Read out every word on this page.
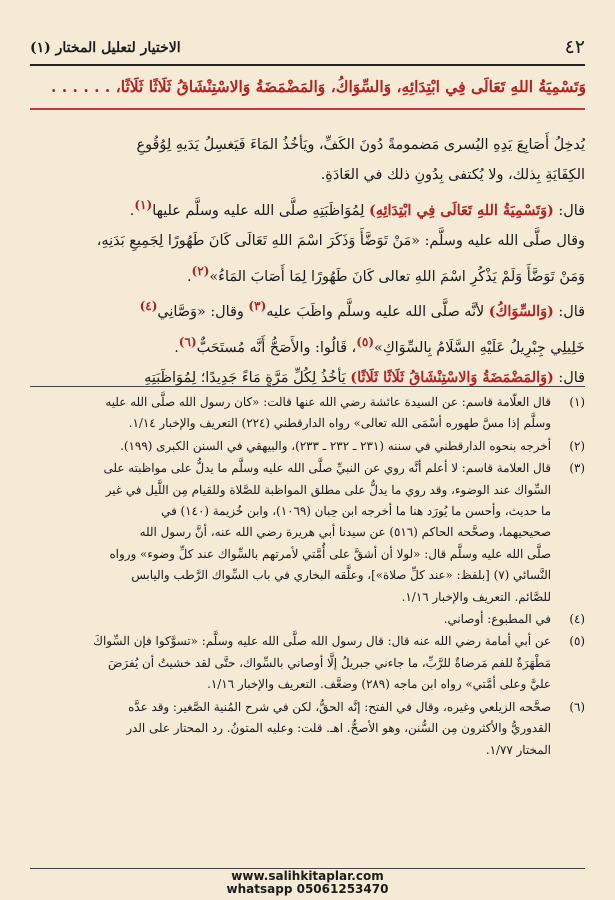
الاختيار لتعليل المختار (١)	٤٢
وَتَسْمِيَةُ اللهِ تَعَالَى فِي ابْتِدَائِهِ، وَالسِّوَاكُ، وَالمَضْمَضَةُ وَالاسْتِنْشَاقُ ثَلَاثًا ثَلَاثًا، . . . . . .

يُدخِلُ أَصَابِعَ يَدِهِ اليُسرى مَضمومةً دُونَ الكَفِّ، ويَأخُذُ المَاءَ فَيَغسِلُ يَدَيهِ لِوُقُوعِ
الكِفَايَةِ بِذلك، ولا يُكتفى بِدُونِ ذلك في العَادَةِ.

قال: (وَتَسْمِيَةُ اللهِ تَعَالَى فِي ابْتِدَائِهِ) لِمُوَاظَبَتِهِ صلَّى الله عليه وسلَّم عليها$^{(١)}$.
وقال صلَّى الله عليه وسلَّم: «مَنْ تَوَضَّأَ وَذَكَرَ اسْمَ اللهِ تَعَالَى كَانَ طَهُورًا لِجَمِيعِ بَدَنِهِ،
وَمَنْ تَوَضَّأَ وَلَمْ يَذْكُرِ اسْمَ اللهِ تعالى كَانَ طَهُورًا لِمَا أَصَابَ المَاءُ»$^{(٢)}$.

قال: (وَالسِّوَاكُ) لأنَّه صلَّى الله عليه وسلَّم واظَبَ عليه$^{(٣)}$ وقال: «وَصَّانِي$^{(٤)}$
خَلِيلِي جِبْرِيلُ عَلَيْهِ السَّلَامُ بِالسِّوَاكِ»$^{(٥)}$، قَالُوا: والأَصَحُّ أَنَّه مُستَحَبٌّ$^{(٦)}$.

قال: (وَالمَضْمَضَةُ وَالاسْتِنْشَاقُ ثَلَاثًا ثَلَاثًا) يَأخُذُ لِكُلِّ مَرَّةٍ مَاءً جَدِيدًا؛ لِمُوَاظَبَتِهِ

(١)
قال العلّامة قاسم: عن السيدة عائشة رضي الله عنها قالت: «كان رسول الله صلَّى الله عليه
وسلَّم إذا مسَّ طهوره أسْمَى الله تعالى» رواه الدارقطني (٢٢٤) التعريف والإخبار ١/١٤.
(٢)
أخرجه بنحوه الدارقطني في سننه (٢٣١ ـ ٢٣٢ ـ ٢٣٣)، والبيهقي في السنن الكبرى (١٩٩).
(٣)
قال العلامة قاسم: لا أعلم أنَّه روي عن النبيِّ صلَّى الله عليه وسلَّم ما يدلُّ على مواظبته على
السِّواك عند الوضوء، وقد روي ما يدلُّ على مطلق المواظبة للصَّلاة وللقيام مِن اللَّيل في غير
ما حديث، وأحسن ما يُورَد هنا ما أخرجه ابن حِبان (١٠٦٩)، وابن خُزيمة (١٤٠) في
صحيحيهما، وصحَّحه الحاكم (٥١٦) عن سيدنا أبي هريرة رضي الله عنه، أنَّ رسول الله
صلَّى الله عليه وسلَّم قال: «لولا أن أشقَّ على أُمَّتي لأمرتهم بالسِّواك عند كلِّ وضوء» ورواه
النَّسائي (٧) [بلفظ: «عند كلِّ صلاة»]، وعلَّقه البخاري في باب السِّواك الرَّطب واليابس
للصَّائم. التعريف والإخبار ١/١٦.
(٤)
في المطبوع: أوصاني.
(٥)
عن أبي أمامة رضي الله عنه قال: قال رسول الله صلَّى الله عليه وسلَّم: «تسوَّكوا فإن السِّواكَ
مَطْهَرَةٌ للفم مَرضاةٌ للرَّبِّ، ما جاءني جبريلُ إلَّا أوصاني بالسِّواك، حتَّى لقد خشيتُ أن يُفرَضَ
عليَّ وعلى أمَّتي» رواه ابن ماجه (٢٨٩) وضعَّف. التعريف والإخبار ١/١٦.
(٦)
صحَّحه الزيلعي وغيره، وقال في الفتح: إنَّه الحقُّ، لكن في شرح المُنية الصَّغير: وقد عدَّه
القدوريُّ والأكثرون مِن السُّنن، وهو الأصحُّ. اهـ. قلت: وعليه المتونُ. رد المحتار على الدر
المختار ١/٧٧.
www.salihkitaplar.com
whatsapp 05061253470
